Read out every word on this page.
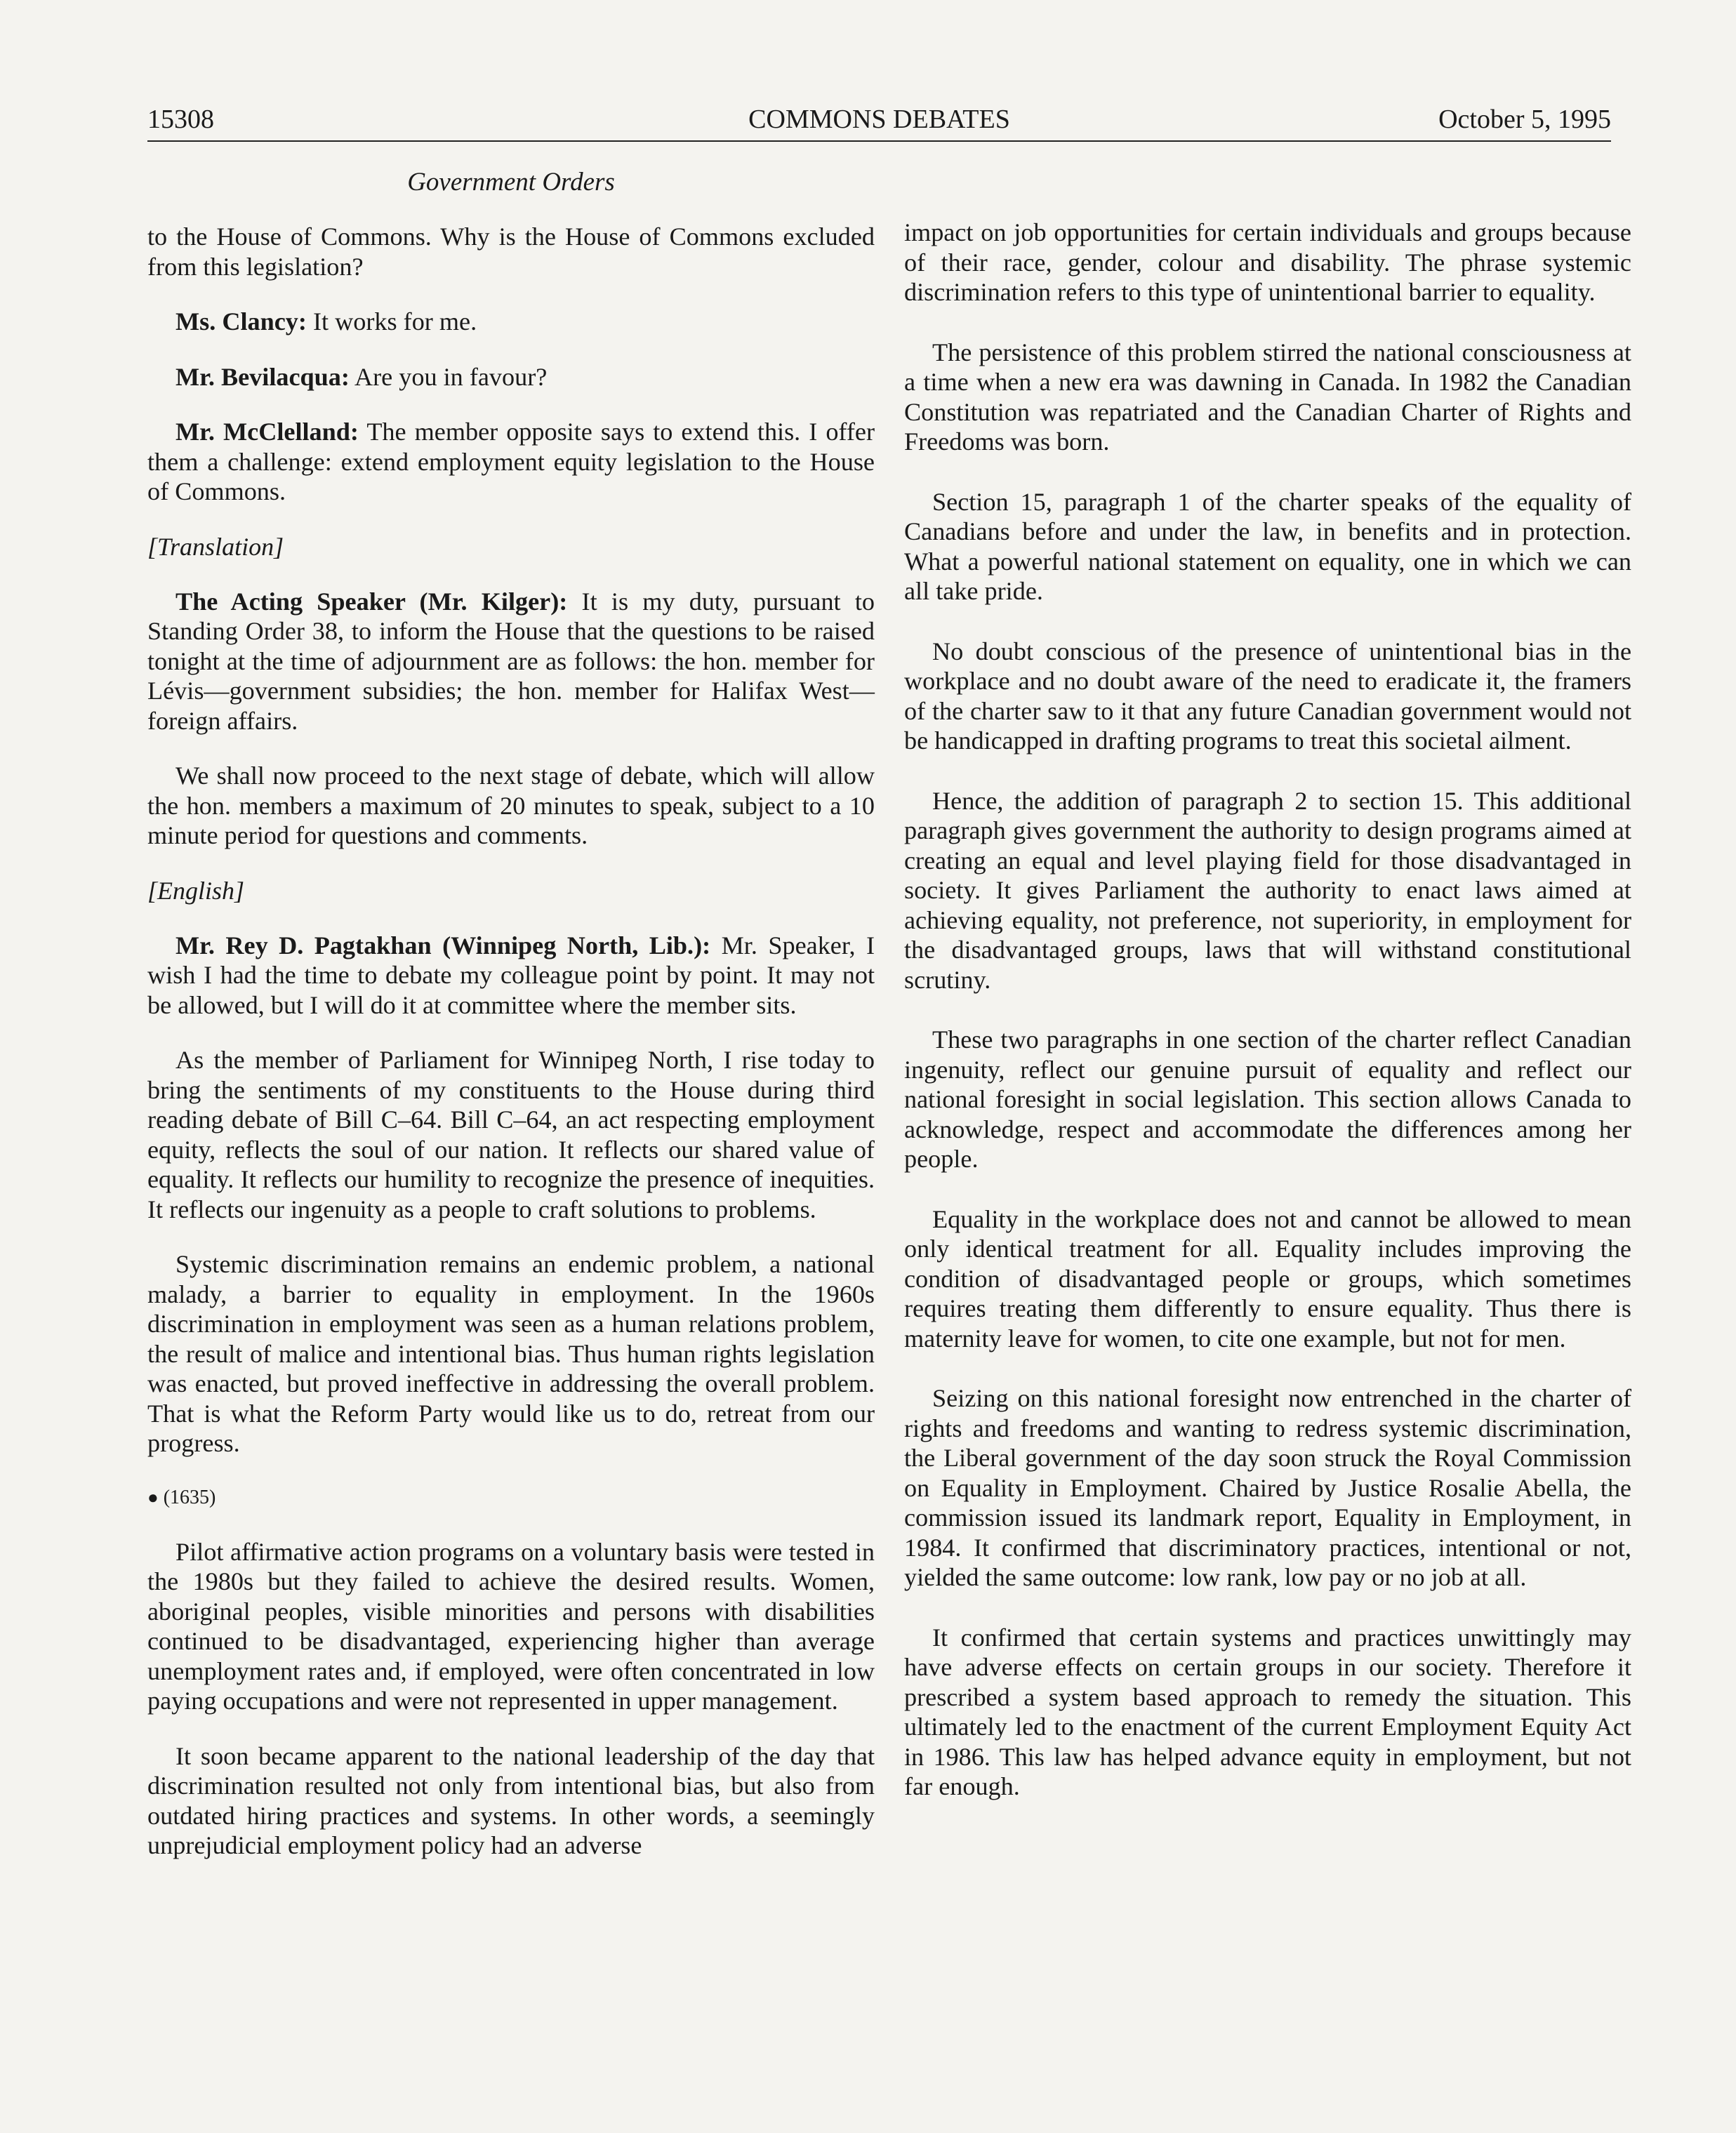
15308	COMMONS DEBATES	October 5, 1995
Government Orders

to the House of Commons. Why is the House of Commons excluded from this legislation?

Ms. Clancy: It works for me.

Mr. Bevilacqua: Are you in favour?

Mr. McClelland: The member opposite says to extend this. I offer them a challenge: extend employment equity legislation to the House of Commons.

[Translation]

The Acting Speaker (Mr. Kilger): It is my duty, pursuant to Standing Order 38, to inform the House that the questions to be raised tonight at the time of adjournment are as follows: the hon. member for Lévis—government subsidies; the hon. member for Halifax West—foreign affairs.

We shall now proceed to the next stage of debate, which will allow the hon. members a maximum of 20 minutes to speak, subject to a 10 minute period for questions and comments.

[English]

Mr. Rey D. Pagtakhan (Winnipeg North, Lib.): Mr. Speaker, I wish I had the time to debate my colleague point by point. It may not be allowed, but I will do it at committee where the member sits.

As the member of Parliament for Winnipeg North, I rise today to bring the sentiments of my constituents to the House during third reading debate of Bill C–64. Bill C–64, an act respecting employment equity, reflects the soul of our nation. It reflects our shared value of equality. It reflects our humility to recognize the presence of inequities. It reflects our ingenuity as a people to craft solutions to problems.

Systemic discrimination remains an endemic problem, a national malady, a barrier to equality in employment. In the 1960s discrimination in employment was seen as a human relations problem, the result of malice and intentional bias. Thus human rights legislation was enacted, but proved ineffective in addressing the overall problem. That is what the Reform Party would like us to do, retreat from our progress.

● (1635)

Pilot affirmative action programs on a voluntary basis were tested in the 1980s but they failed to achieve the desired results. Women, aboriginal peoples, visible minorities and persons with disabilities continued to be disadvantaged, experiencing higher than average unemployment rates and, if employed, were often concentrated in low paying occupations and were not represented in upper management.

It soon became apparent to the national leadership of the day that discrimination resulted not only from intentional bias, but also from outdated hiring practices and systems. In other words, a seemingly unprejudicial employment policy had an adverse

impact on job opportunities for certain individuals and groups because of their race, gender, colour and disability. The phrase systemic discrimination refers to this type of unintentional barrier to equality.

The persistence of this problem stirred the national consciousness at a time when a new era was dawning in Canada. In 1982 the Canadian Constitution was repatriated and the Canadian Charter of Rights and Freedoms was born.

Section 15, paragraph 1 of the charter speaks of the equality of Canadians before and under the law, in benefits and in protection. What a powerful national statement on equality, one in which we can all take pride.

No doubt conscious of the presence of unintentional bias in the workplace and no doubt aware of the need to eradicate it, the framers of the charter saw to it that any future Canadian government would not be handicapped in drafting programs to treat this societal ailment.

Hence, the addition of paragraph 2 to section 15. This additional paragraph gives government the authority to design programs aimed at creating an equal and level playing field for those disadvantaged in society. It gives Parliament the authority to enact laws aimed at achieving equality, not preference, not superiority, in employment for the disadvantaged groups, laws that will withstand constitutional scrutiny.

These two paragraphs in one section of the charter reflect Canadian ingenuity, reflect our genuine pursuit of equality and reflect our national foresight in social legislation. This section allows Canada to acknowledge, respect and accommodate the differences among her people.

Equality in the workplace does not and cannot be allowed to mean only identical treatment for all. Equality includes improving the condition of disadvantaged people or groups, which sometimes requires treating them differently to ensure equality. Thus there is maternity leave for women, to cite one example, but not for men.

Seizing on this national foresight now entrenched in the charter of rights and freedoms and wanting to redress systemic discrimination, the Liberal government of the day soon struck the Royal Commission on Equality in Employment. Chaired by Justice Rosalie Abella, the commission issued its landmark report, Equality in Employment, in 1984. It confirmed that discriminatory practices, intentional or not, yielded the same outcome: low rank, low pay or no job at all.

It confirmed that certain systems and practices unwittingly may have adverse effects on certain groups in our society. Therefore it prescribed a system based approach to remedy the situation. This ultimately led to the enactment of the current Employment Equity Act in 1986. This law has helped advance equity in employment, but not far enough.
